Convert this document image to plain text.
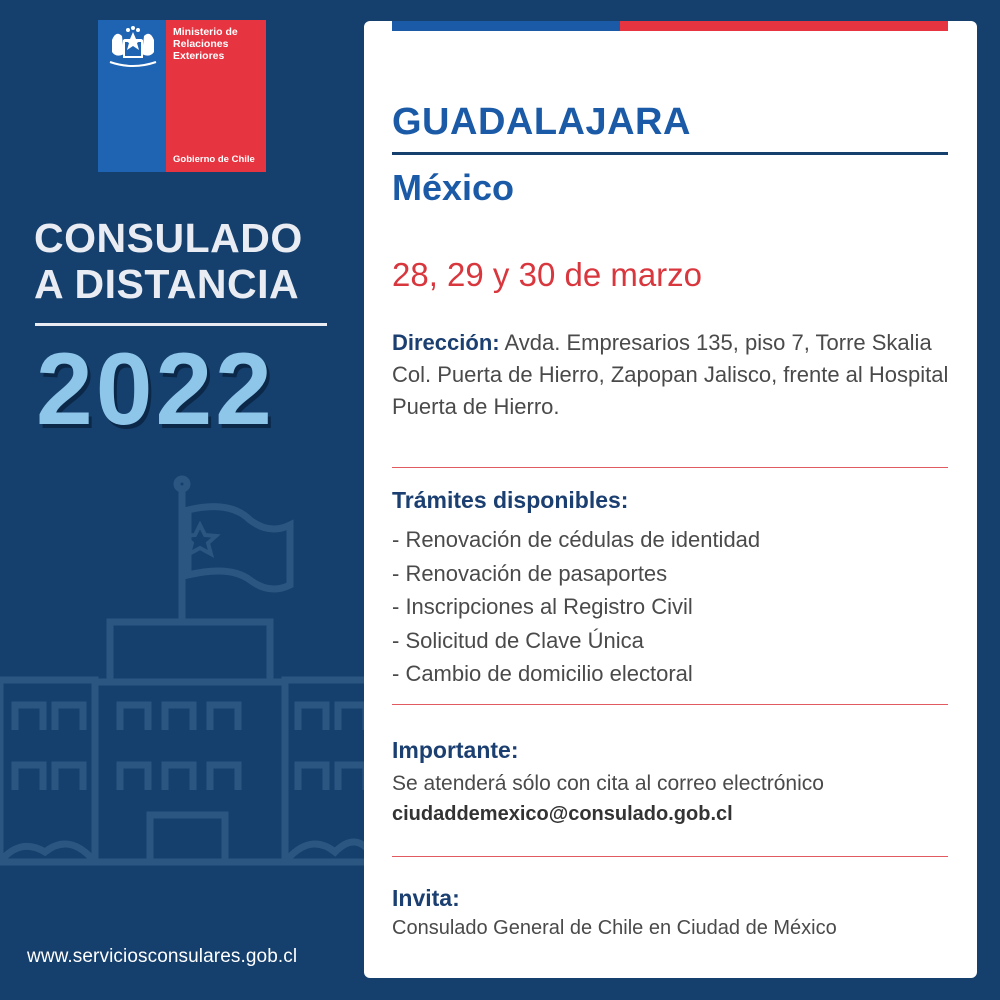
Ministerio de
Relaciones
Exteriores
Gobierno de Chile
CONSULADO
A DISTANCIA
2022
www.serviciosconsulares.gob.cl
GUADALAJARA
México
28, 29 y 30 de marzo
Dirección: Avda. Empresarios 135, piso 7, Torre Skalia Col. Puerta de Hierro, Zapopan Jalisco, frente al Hospital Puerta de Hierro.
Trámites disponibles:
- Renovación de cédulas de identidad
- Renovación de pasaportes
- Inscripciones al Registro Civil
- Solicitud de Clave Única
- Cambio de domicilio electoral
Importante:
Se atenderá sólo con cita al correo electrónico
ciudaddemexico@consulado.gob.cl
Invita:
Consulado General de Chile en Ciudad de México
